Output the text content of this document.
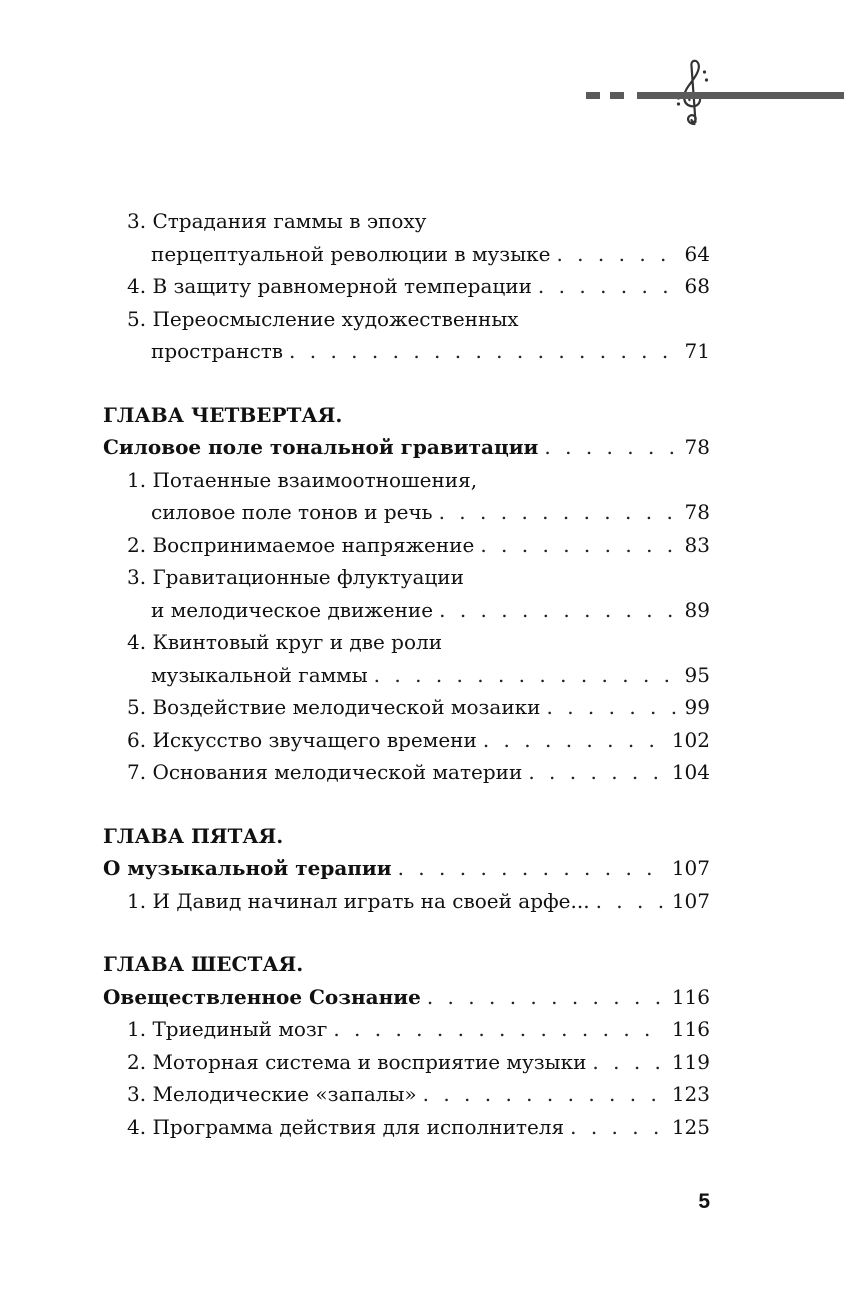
3. Страдания гаммы в эпоху
перцептуальной революции в музыке . . .	64
4. В защиту равномерной темперации . . .	68
5. Переосмысление художественных
пространств . . .	71
ГЛАВА ЧЕТВЕРТАЯ.
Силовое поле тональной гравитации . . .	78
1. Потаенные взаимоотношения,
силовое поле тонов и речь . . .	78
2. Воспринимаемое напряжение . . .	83
3. Гравитационные флуктуации
и мелодическое движение . . .	89
4. Квинтовый круг и две роли
музыкальной гаммы . . .	95
5. Воздействие мелодической мозаики . . .	99
6. Искусство звучащего времени . . .	102
7. Основания мелодической материи . . .	104
ГЛАВА ПЯТАЯ.
О музыкальной терапии . . .	107
1. И Давид начинал играть на своей арфе... . . .	107
ГЛАВА ШЕСТАЯ.
Овеществленное Сознание . . .	116
1. Триединый мозг . . .	116
2. Моторная система и восприятие музыки . . .	119
3. Мелодические «запалы» . . .	123
4. Программа действия для исполнителя . . .	125
5
